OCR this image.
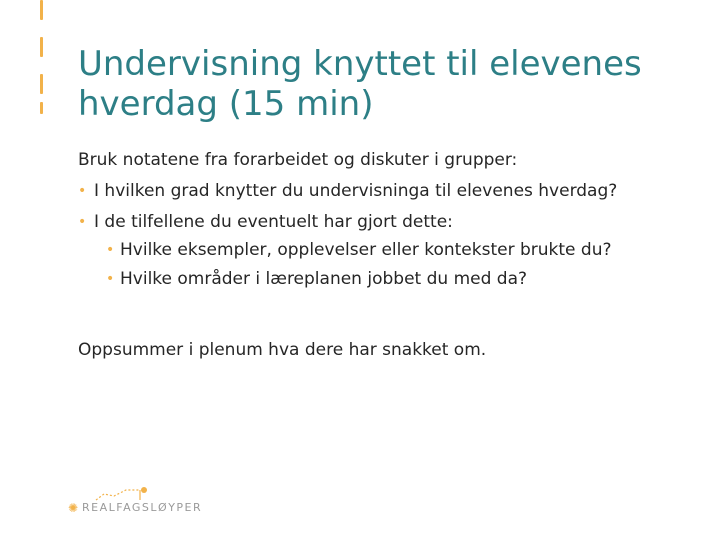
Undervisning knyttet til elevenes
hverdag (15 min)

Bruk notatene fra forarbeidet og diskuter i grupper:

• I hvilken grad knytter du undervisninga til elevenes hverdag?
• I de tilfellene du eventuelt har gjort dette:
• Hvilke eksempler, opplevelser eller kontekster brukte du?
• Hvilke områder i læreplanen jobbet du med da?

Oppsummer i plenum hva dere har snakket om.

✺ REALFAGSLØYPER
